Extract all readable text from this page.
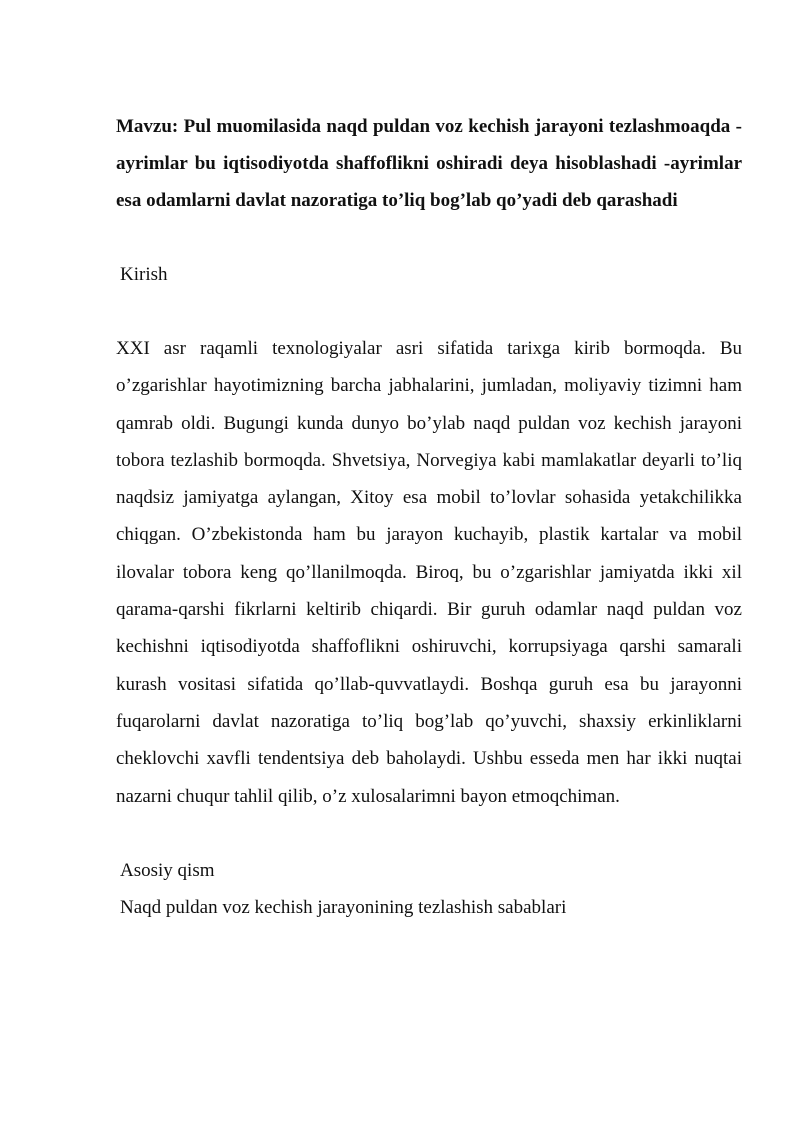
Mavzu: Pul muomilasida naqd puldan voz kechish jarayoni tezlashmoaqda -ayrimlar bu iqtisodiyotda shaffoflikni oshiradi deya hisoblashadi -ayrimlar esa odamlarni davlat nazoratiga to’liq bog’lab qo’yadi deb qarashadi

Kirish

XXI asr raqamli texnologiyalar asri sifatida tarixga kirib bormoqda. Bu o’zgarishlar hayotimizning barcha jabhalarini, jumladan, moliyaviy tizimni ham qamrab oldi. Bugungi kunda dunyo bo’ylab naqd puldan voz kechish jarayoni tobora tezlashib bormoqda. Shvetsiya, Norvegiya kabi mamlakatlar deyarli to’liq naqdsiz jamiyatga aylangan, Xitoy esa mobil to’lovlar sohasida yetakchilikka chiqgan. O’zbekistonda ham bu jarayon kuchayib, plastik kartalar va mobil ilovalar tobora keng qo’llanilmoqda. Biroq, bu o’zgarishlar jamiyatda ikki xil qarama-qarshi fikrlarni keltirib chiqardi. Bir guruh odamlar naqd puldan voz kechishni iqtisodiyotda shaffoflikni oshiruvchi, korrupsiyaga qarshi samarali kurash vositasi sifatida qo’llab-quvvatlaydi. Boshqa guruh esa bu jarayonni fuqarolarni davlat nazoratiga to’liq bog’lab qo’yuvchi, shaxsiy erkinliklarni cheklovchi xavfli tendentsiya deb baholaydi. Ushbu esseda men har ikki nuqtai nazarni chuqur tahlil qilib, o’z xulosalarimni bayon etmoqchiman.

Asosiy qism

Naqd puldan voz kechish jarayonining tezlashish sabablari
